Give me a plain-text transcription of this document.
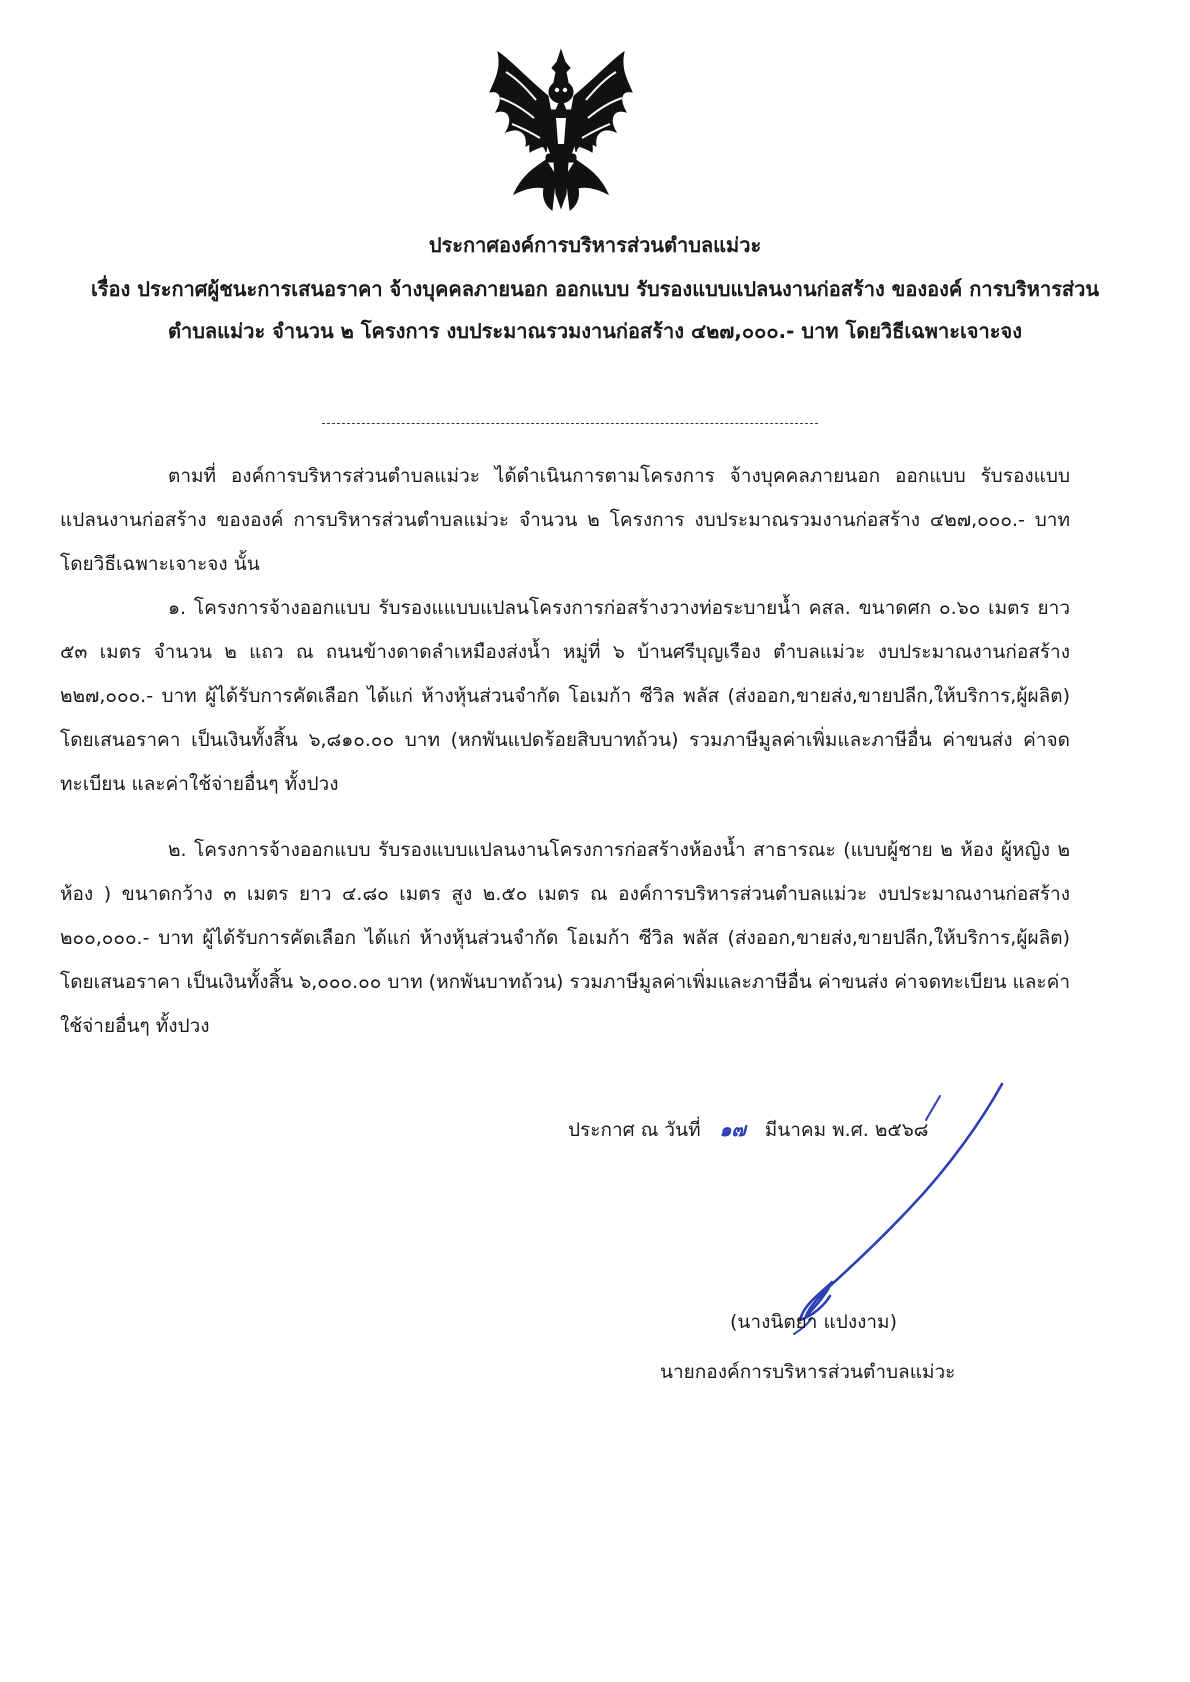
ประกาศองค์การบริหารส่วนตำบลแม่วะ
เรื่อง ประกาศผู้ชนะการเสนอราคา จ้างบุคคลภายนอก ออกแบบ รับรองแบบแปลนงานก่อสร้าง ขององค์ การบริหารส่วนตำบลแม่วะ จำนวน ๒ โครงการ งบประมาณรวมงานก่อสร้าง ๔๒๗,๐๐๐.- บาท โดยวิธีเฉพาะเจาะจง
ตามที่ องค์การบริหารส่วนตำบลแม่วะ ได้ดำเนินการตามโครงการ จ้างบุคคลภายนอก ออกแบบ รับรองแบบแปลนงานก่อสร้าง ขององค์ การบริหารส่วนตำบลแม่วะ จำนวน ๒ โครงการ งบประมาณรวมงานก่อสร้าง ๔๒๗,๐๐๐.- บาท โดยวิธีเฉพาะเจาะจง นั้น
๑. โครงการจ้างออกแบบ รับรองแแบบแปลนโครงการก่อสร้างวางท่อระบายน้ำ คสล. ขนาดศก ๐.๖๐ เมตร ยาว ๕๓ เมตร จำนวน ๒ แถว ณ ถนนข้างดาดลำเหมืองส่งน้ำ หมู่ที่ ๖ บ้านศรีบุญเรือง ตำบลแม่วะ งบประมาณงานก่อสร้าง ๒๒๗,๐๐๐.- บาท ผู้ได้รับการคัดเลือก ได้แก่ ห้างหุ้นส่วนจำกัด โอเมก้า ซีวิล พลัส (ส่งออก,ขายส่ง,ขายปลีก,ให้บริการ,ผู้ผลิต) โดยเสนอราคา เป็นเงินทั้งสิ้น ๖,๘๑๐.๐๐ บาท (หกพันแปดร้อยสิบบาทถ้วน) รวมภาษีมูลค่าเพิ่มและภาษีอื่น ค่าขนส่ง ค่าจดทะเบียน และค่าใช้จ่ายอื่นๆ ทั้งปวง
๒. โครงการจ้างออกแบบ รับรองแบบแปลนงานโครงการก่อสร้างห้องน้ำ สาธารณะ (แบบผู้ชาย ๒ ห้อง ผู้หญิง ๒ ห้อง ) ขนาดกว้าง ๓ เมตร ยาว ๔.๘๐ เมตร สูง ๒.๕๐ เมตร ณ องค์การบริหารส่วนตำบลแม่วะ งบประมาณงานก่อสร้าง ๒๐๐,๐๐๐.- บาท ผู้ได้รับการคัดเลือก ได้แก่ ห้างหุ้นส่วนจำกัด โอเมก้า ซีวิล พลัส (ส่งออก,ขายส่ง,ขายปลีก,ให้บริการ,ผู้ผลิต) โดยเสนอราคา เป็นเงินทั้งสิ้น ๖,๐๐๐.๐๐ บาท (หกพันบาทถ้วน) รวมภาษีมูลค่าเพิ่มและภาษีอื่น ค่าขนส่ง ค่าจดทะเบียน และค่าใช้จ่ายอื่นๆ ทั้งปวง
ประกาศ ณ วันที่ ๑๗ มีนาคม พ.ศ. ๒๕๖๘
(นางนิตยา แปงงาม)
นายกองค์การบริหารส่วนตำบลแม่วะ
